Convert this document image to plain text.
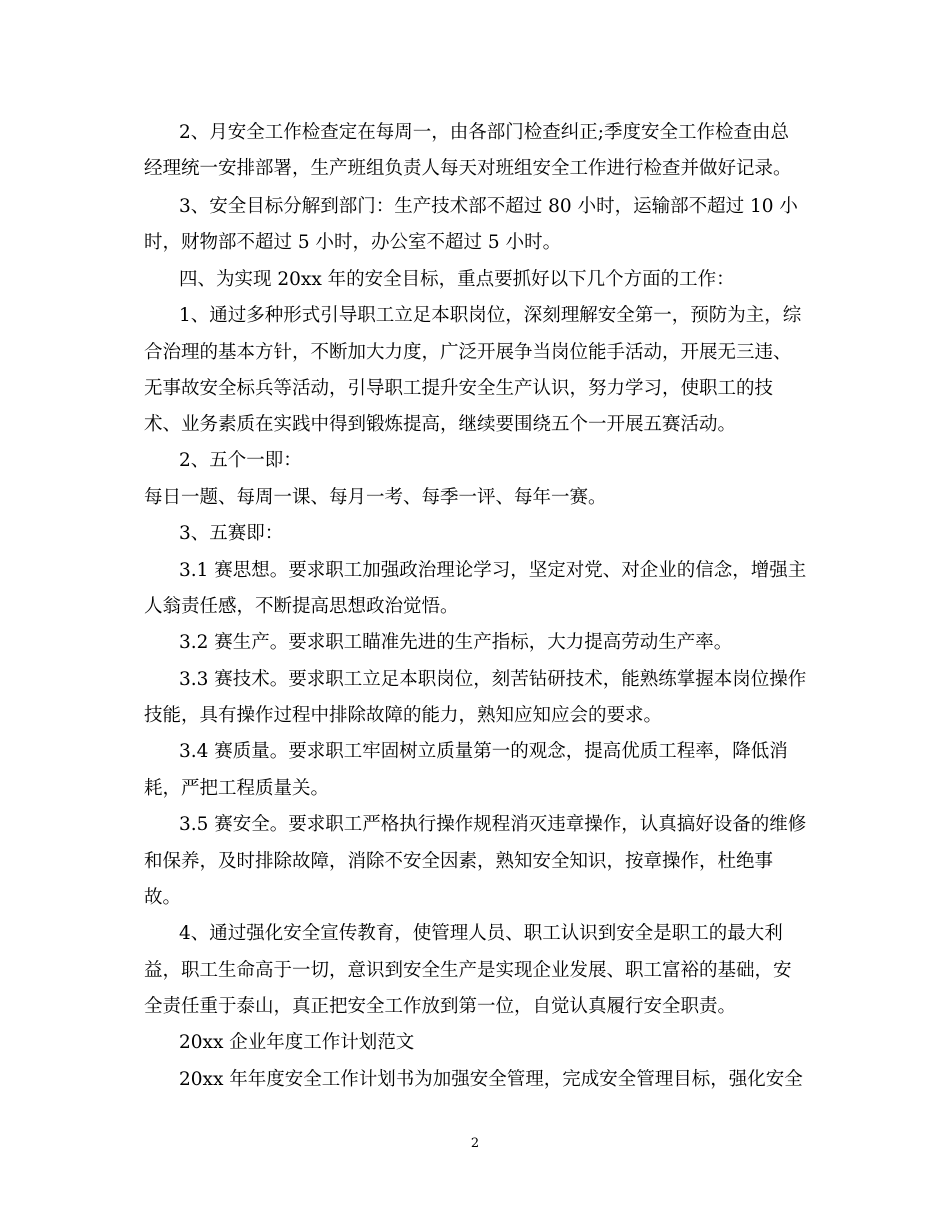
2、月安全工作检查定在每周一，由各部门检查纠正;季度安全工作检查由总
经理统一安排部署，生产班组负责人每天对班组安全工作进行检查并做好记录。
3、安全目标分解到部门：生产技术部不超过 80 小时，运输部不超过 10 小
时，财物部不超过 5 小时，办公室不超过 5 小时。
四、为实现 20xx 年的安全目标，重点要抓好以下几个方面的工作：
1、通过多种形式引导职工立足本职岗位，深刻理解安全第一，预防为主，综
合治理的基本方针，不断加大力度，广泛开展争当岗位能手活动，开展无三违、
无事故安全标兵等活动，引导职工提升安全生产认识，努力学习，使职工的技
术、业务素质在实践中得到锻炼提高，继续要围绕五个一开展五赛活动。
2、五个一即：
每日一题、每周一课、每月一考、每季一评、每年一赛。
3、五赛即：
3.1 赛思想。要求职工加强政治理论学习，坚定对党、对企业的信念，增强主
人翁责任感，不断提高思想政治觉悟。
3.2 赛生产。要求职工瞄准先进的生产指标，大力提高劳动生产率。
3.3 赛技术。要求职工立足本职岗位，刻苦钻研技术，能熟练掌握本岗位操作
技能，具有操作过程中排除故障的能力，熟知应知应会的要求。
3.4 赛质量。要求职工牢固树立质量第一的观念，提高优质工程率，降低消
耗，严把工程质量关。
3.5 赛安全。要求职工严格执行操作规程消灭违章操作，认真搞好设备的维修
和保养，及时排除故障，消除不安全因素，熟知安全知识，按章操作，杜绝事
故。
4、通过强化安全宣传教育，使管理人员、职工认识到安全是职工的最大利
益，职工生命高于一切，意识到安全生产是实现企业发展、职工富裕的基础，安
全责任重于泰山，真正把安全工作放到第一位，自觉认真履行安全职责。
20xx 企业年度工作计划范文
20xx 年年度安全工作计划书为加强安全管理，完成安全管理目标，强化安全
2
